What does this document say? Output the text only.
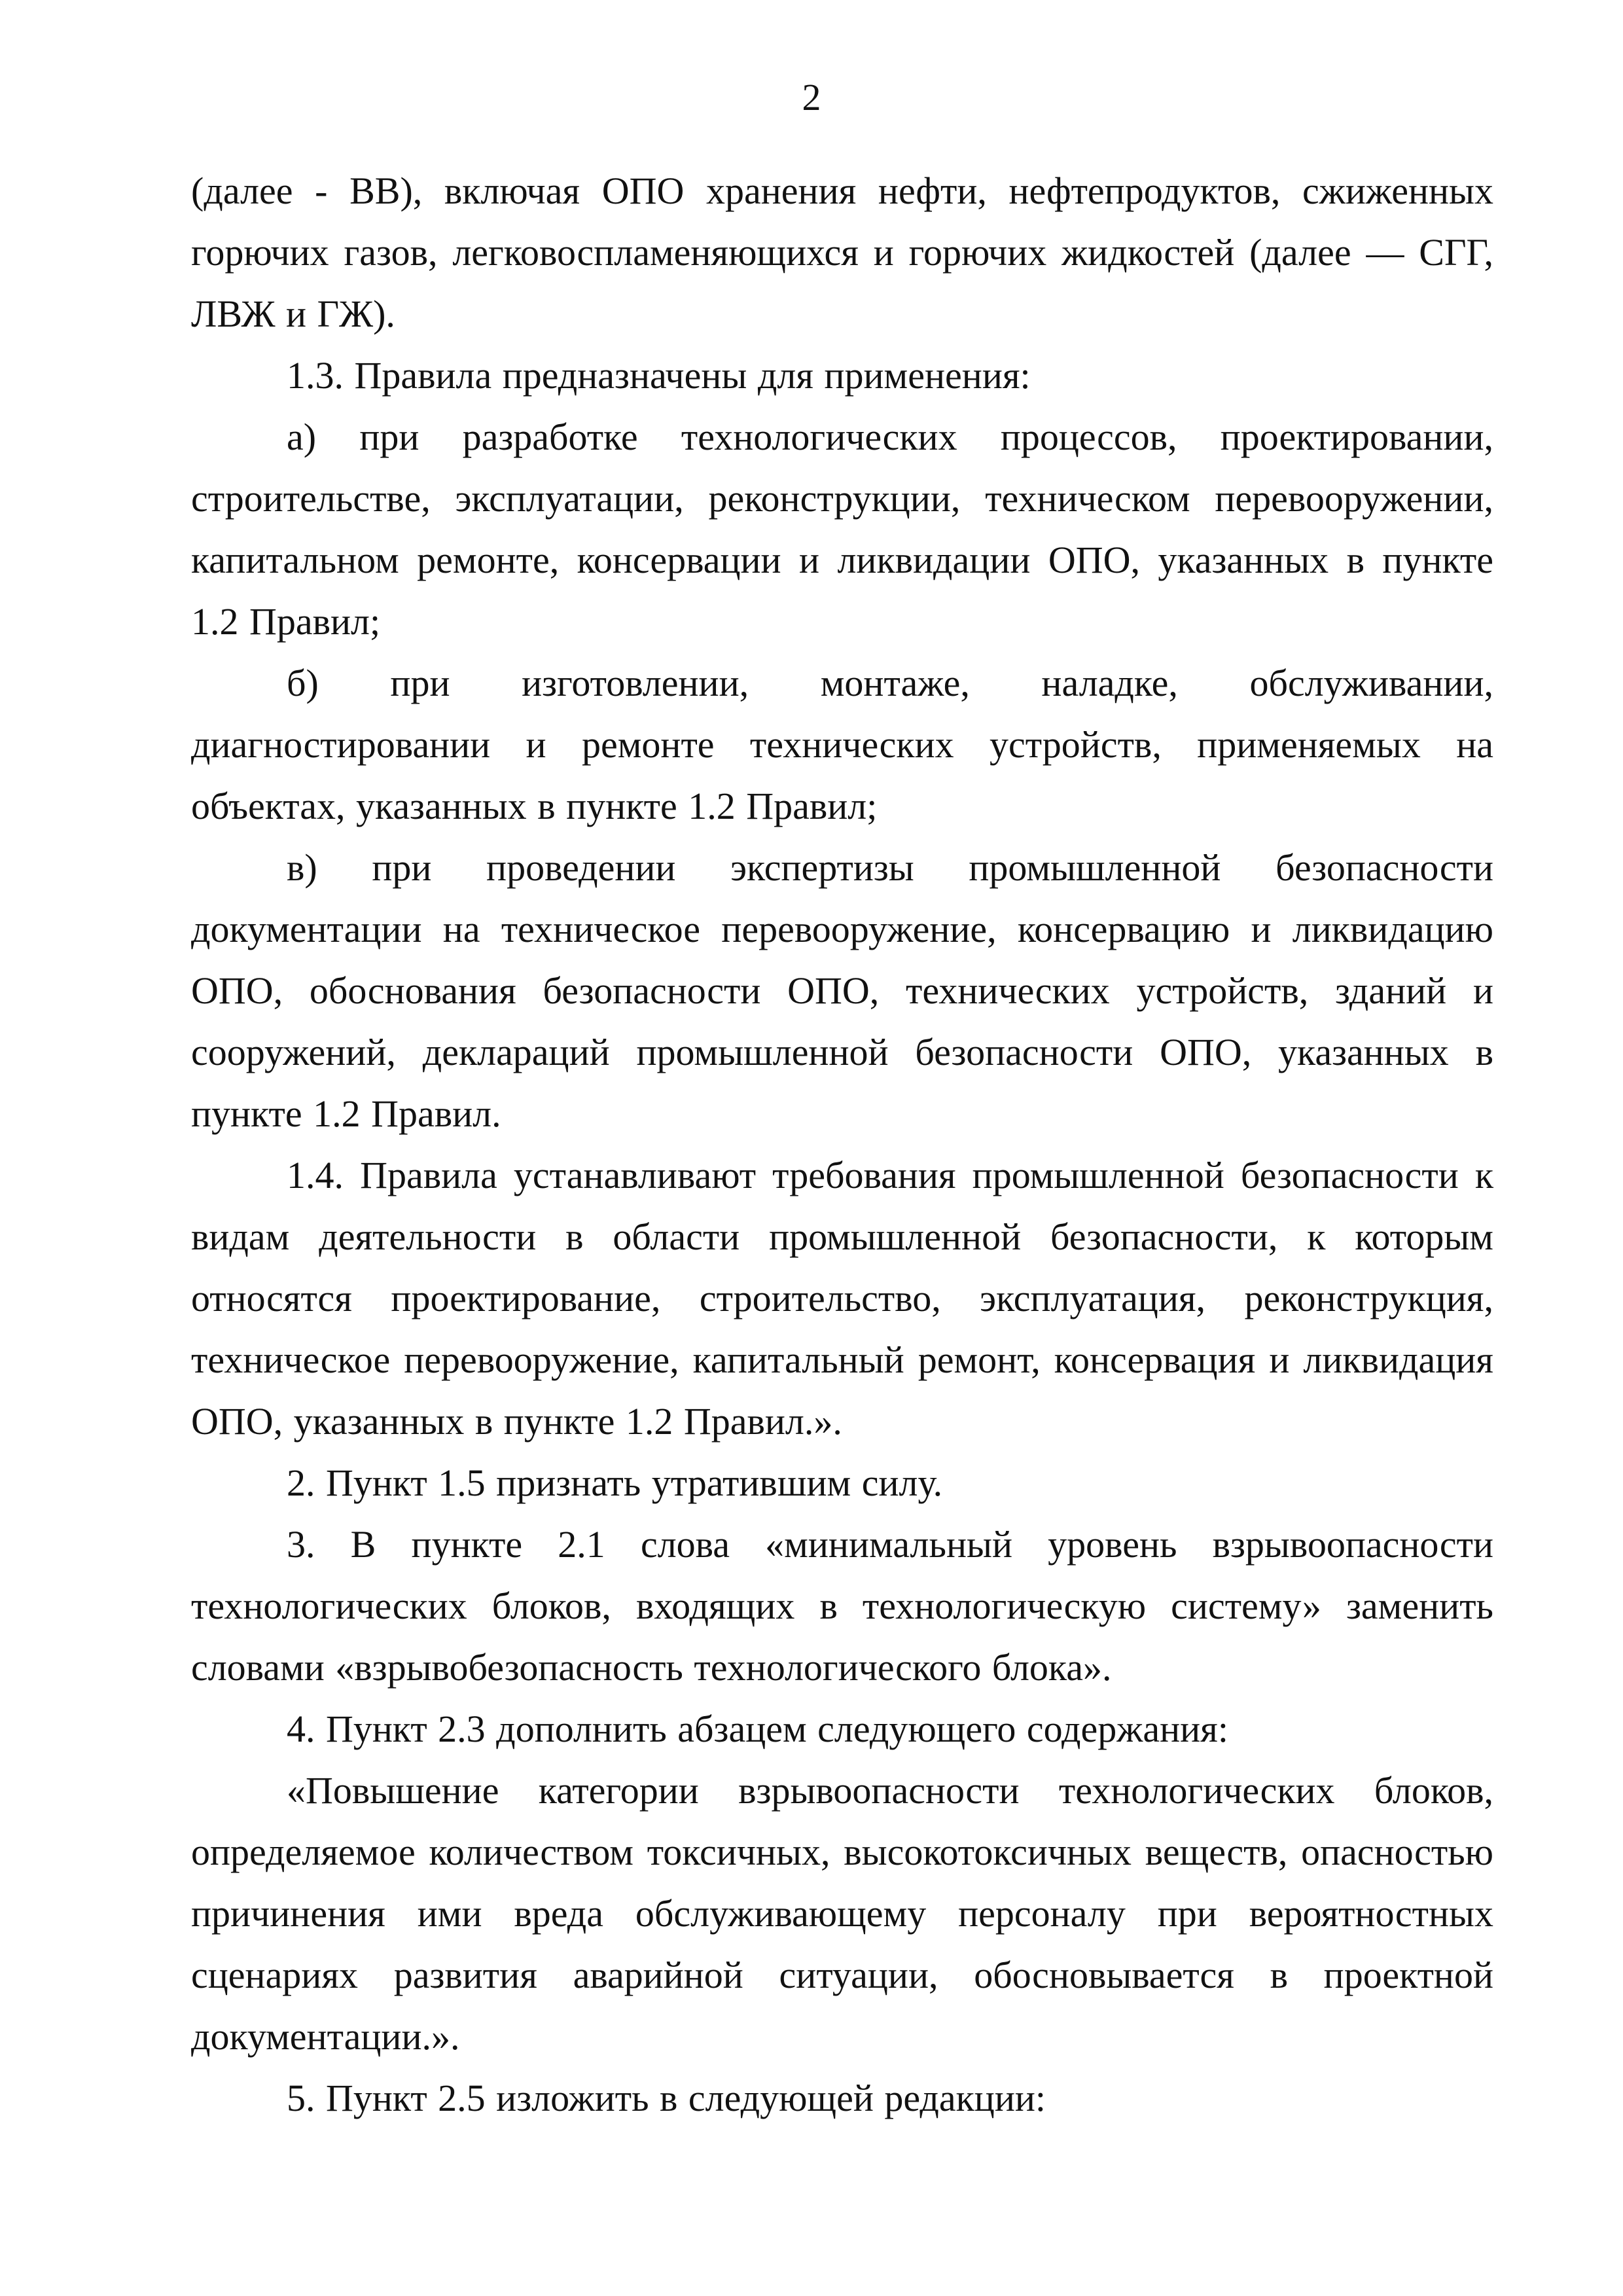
2

(далее - ВВ), включая ОПО хранения нефти, нефтепродуктов, сжиженных горючих газов, легковоспламеняющихся и горючих жидкостей (далее — СГГ, ЛВЖ и ГЖ).

1.3. Правила предназначены для применения:

а) при разработке технологических процессов, проектировании, строительстве, эксплуатации, реконструкции, техническом перевооружении, капитальном ремонте, консервации и ликвидации ОПО, указанных в пункте 1.2 Правил;

б) при изготовлении, монтаже, наладке, обслуживании, диагностировании и ремонте технических устройств, применяемых на объектах, указанных в пункте 1.2 Правил;

в) при проведении экспертизы промышленной безопасности документации на техническое перевооружение, консервацию и ликвидацию ОПО, обоснования безопасности ОПО, технических устройств, зданий и сооружений, деклараций промышленной безопасности ОПО, указанных в пункте 1.2 Правил.

1.4. Правила устанавливают требования промышленной безопасности к видам деятельности в области промышленной безопасности, к которым относятся проектирование, строительство, эксплуатация, реконструкция, техническое перевооружение, капитальный ремонт, консервация и ликвидация ОПО, указанных в пункте 1.2 Правил.».

2. Пункт 1.5 признать утратившим силу.

3. В пункте 2.1 слова «минимальный уровень взрывоопасности технологических блоков, входящих в технологическую систему» заменить словами «взрывобезопасность технологического блока».

4. Пункт 2.3 дополнить абзацем следующего содержания:

«Повышение категории взрывоопасности технологических блоков, определяемое количеством токсичных, высокотоксичных веществ, опасностью причинения ими вреда обслуживающему персоналу при вероятностных сценариях развития аварийной ситуации, обосновывается в проектной документации.».

5. Пункт 2.5 изложить в следующей редакции:
